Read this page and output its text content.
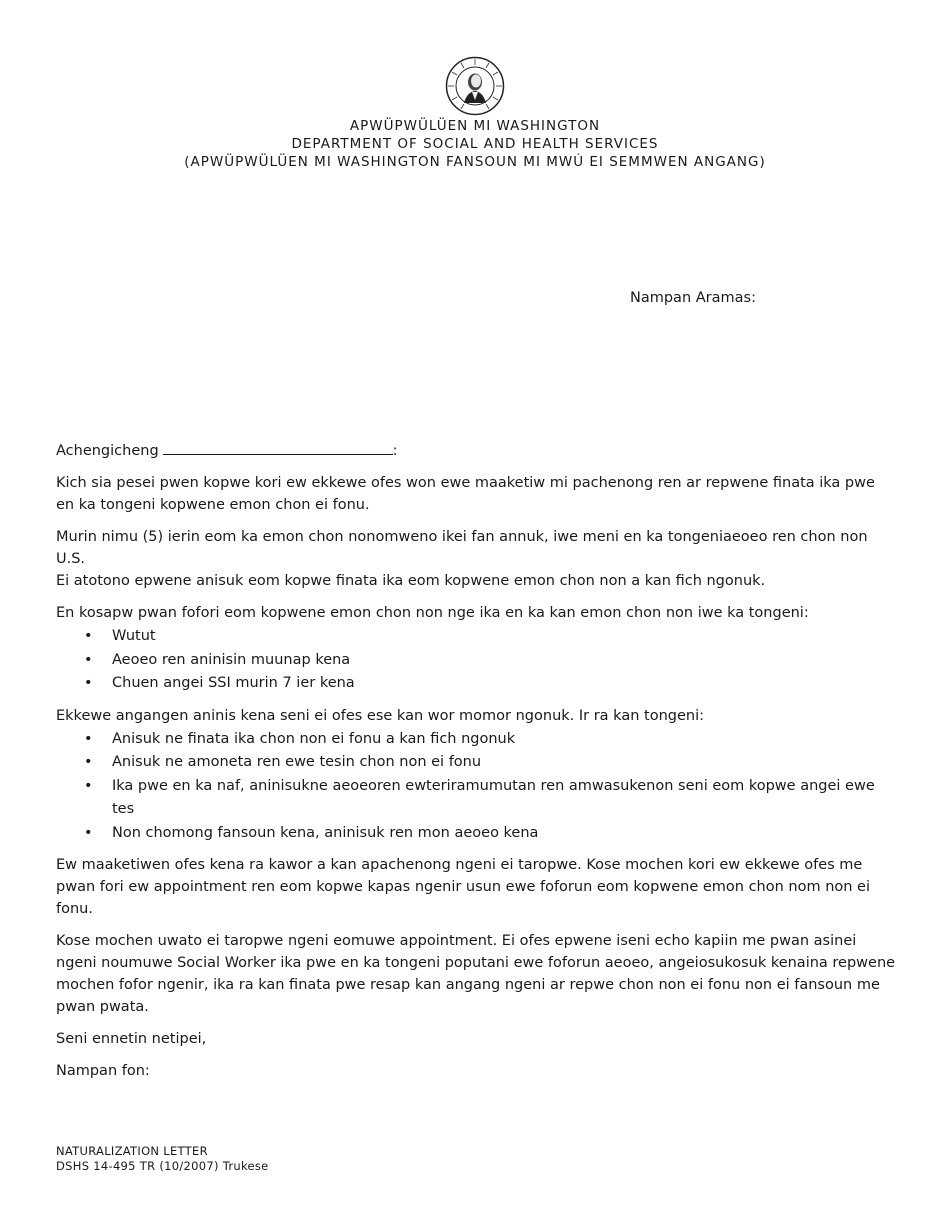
APWÜPWÜLÜEN MI WASHINGTON
DEPARTMENT OF SOCIAL AND HEALTH SERVICES
(APWÜPWÜLÜEN MI WASHINGTON FANSOUN MI MWÚ EI SEMMWEN ANGANG)
Nampan Aramas:

Achengicheng	:

Kich sia pesei pwen kopwe kori ew ekkewe ofes won ewe maaketiw mi pachenong ren ar repwene finata ika pwe en ka tongeni kopwene emon chon ei fonu.

Murin nimu (5) ierin eom ka emon chon nonomweno ikei fan annuk, iwe meni en ka tongeniaeoeo ren chon non U.S.
Ei atotono epwene anisuk eom kopwe finata ika eom kopwene emon chon non a kan fich ngonuk.

En kosapw pwan fofori eom kopwene emon chon non nge ika en ka kan emon chon non iwe ka tongeni:

• Wutut
• Aeoeo ren aninisin muunap kena
• Chuen angei SSI murin 7 ier kena

Ekkewe angangen aninis kena seni ei ofes ese kan wor momor ngonuk. Ir ra kan tongeni:

• Anisuk ne finata ika chon non ei fonu a kan fich ngonuk
• Anisuk ne amoneta ren ewe tesin chon non ei fonu
• Ika pwe en ka naf, aninisukne aeoeoren ewteriramumutan ren amwasukenon seni eom kopwe angei ewe tes
• Non chomong fansoun kena, aninisuk ren mon aeoeo kena

Ew maaketiwen ofes kena ra kawor a kan apachenong ngeni ei taropwe. Kose mochen kori ew ekkewe ofes me pwan fori ew appointment ren eom kopwe kapas ngenir usun ewe foforun eom kopwene emon chon nom non ei fonu.

Kose mochen uwato ei taropwe ngeni eomuwe appointment. Ei ofes epwene iseni echo kapiin me pwan asinei ngeni noumuwe Social Worker ika pwe en ka tongeni poputani ewe foforun aeoeo, angeiosukosuk kenaina repwene mochen fofor ngenir, ika ra kan finata pwe resap kan angang ngeni ar repwe chon non ei fonu non ei fansoun me pwan pwata.

Seni ennetin netipei,

Nampan fon:

NATURALIZATION LETTER
DSHS 14-495 TR (10/2007) Trukese
